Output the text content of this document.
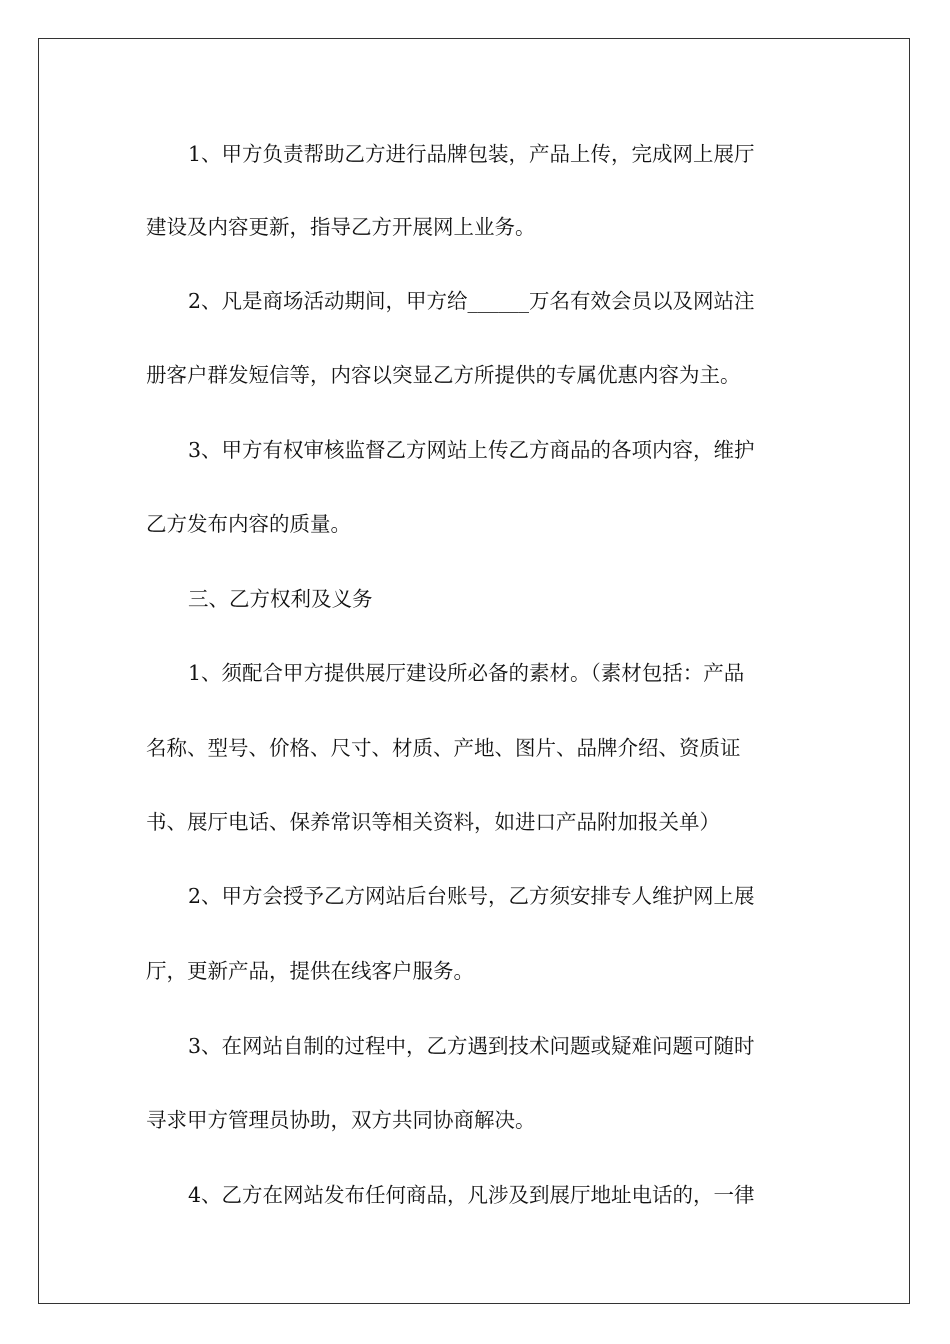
1、甲方负责帮助乙方进行品牌包装，产品上传，完成网上展厅
建设及内容更新，指导乙方开展网上业务。
2、凡是商场活动期间，甲方给______万名有效会员以及网站注
册客户群发短信等，内容以突显乙方所提供的专属优惠内容为主。
3、甲方有权审核监督乙方网站上传乙方商品的各项内容，维护
乙方发布内容的质量。
三、乙方权利及义务
1、须配合甲方提供展厅建设所必备的素材。（素材包括：产品
名称、型号、价格、尺寸、材质、产地、图片、品牌介绍、资质证
书、展厅电话、保养常识等相关资料，如进口产品附加报关单）
2、甲方会授予乙方网站后台账号，乙方须安排专人维护网上展
厅，更新产品，提供在线客户服务。
3、在网站自制的过程中，乙方遇到技术问题或疑难问题可随时
寻求甲方管理员协助，双方共同协商解决。
4、乙方在网站发布任何商品，凡涉及到展厅地址电话的，一律
